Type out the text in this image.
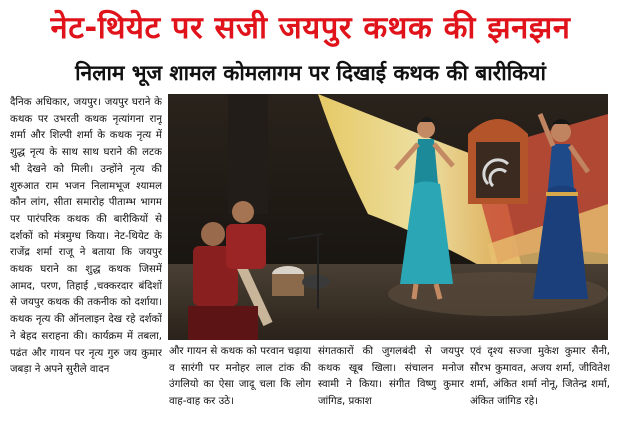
नेट-थियेट पर सजी जयपुर कथक की झनझन
निलाम भूज शामल कोमलागम पर दिखाई कथक की बारीकियां

दैनिक अधिकार, जयपुर। जयपुर घराने के कथक पर उभरती कथक नृत्यांगना रानू शर्मा और शिल्पी शर्मा के कथक नृत्य में शुद्ध नृत्य के साथ साथ घराने की लटक भी देखने को मिली। उन्होंने नृत्य की शुरुआत राम भजन निलामभूज श्यामल कौन लांग, सीता समारोह पीताम्भ भागम पर पारंपरिक कथक की बारीकियों से दर्शकों को मंत्रमुग्ध किया। नेट-थियेट के राजेंद्र शर्मा राजू ने बताया कि जयपुर कथक घराने का शुद्ध कथक जिसमें आमद, परण, तिहाई ,चक्करदार बंदिशों से जयपुर कथक की तकनीक को दर्शाया। कथक नृत्य की ऑनलाइन देख रहे दर्शकों ने बेहद सराहना की। कार्यक्रम में तबला, पढंत और गायन पर नृत्य गुरु जय कुमार जबड़ा ने अपने सुरीले वादन

और गायन से कथक को परवान चढ़ाया व सारंगी पर मनोहर लाल टांक की उंगलियो का ऐसा जादू चला कि लोग वाह-वाह कर उठे।

संगतकारों की जुगलबंदी से जयपुर कथक खूब खिला। संचालन मनोज स्वामी ने किया। संगीत विष्णु कुमार जांगिड, प्रकाश

एवं दृश्य सज्जा मुकेश कुमार सैनी, सौरभ कुमावत, अजय शर्मा, जीवितेश शर्मा, अंकित शर्मा नोनू, जितेन्द्र शर्मा, अंकित जांगिड रहे।
